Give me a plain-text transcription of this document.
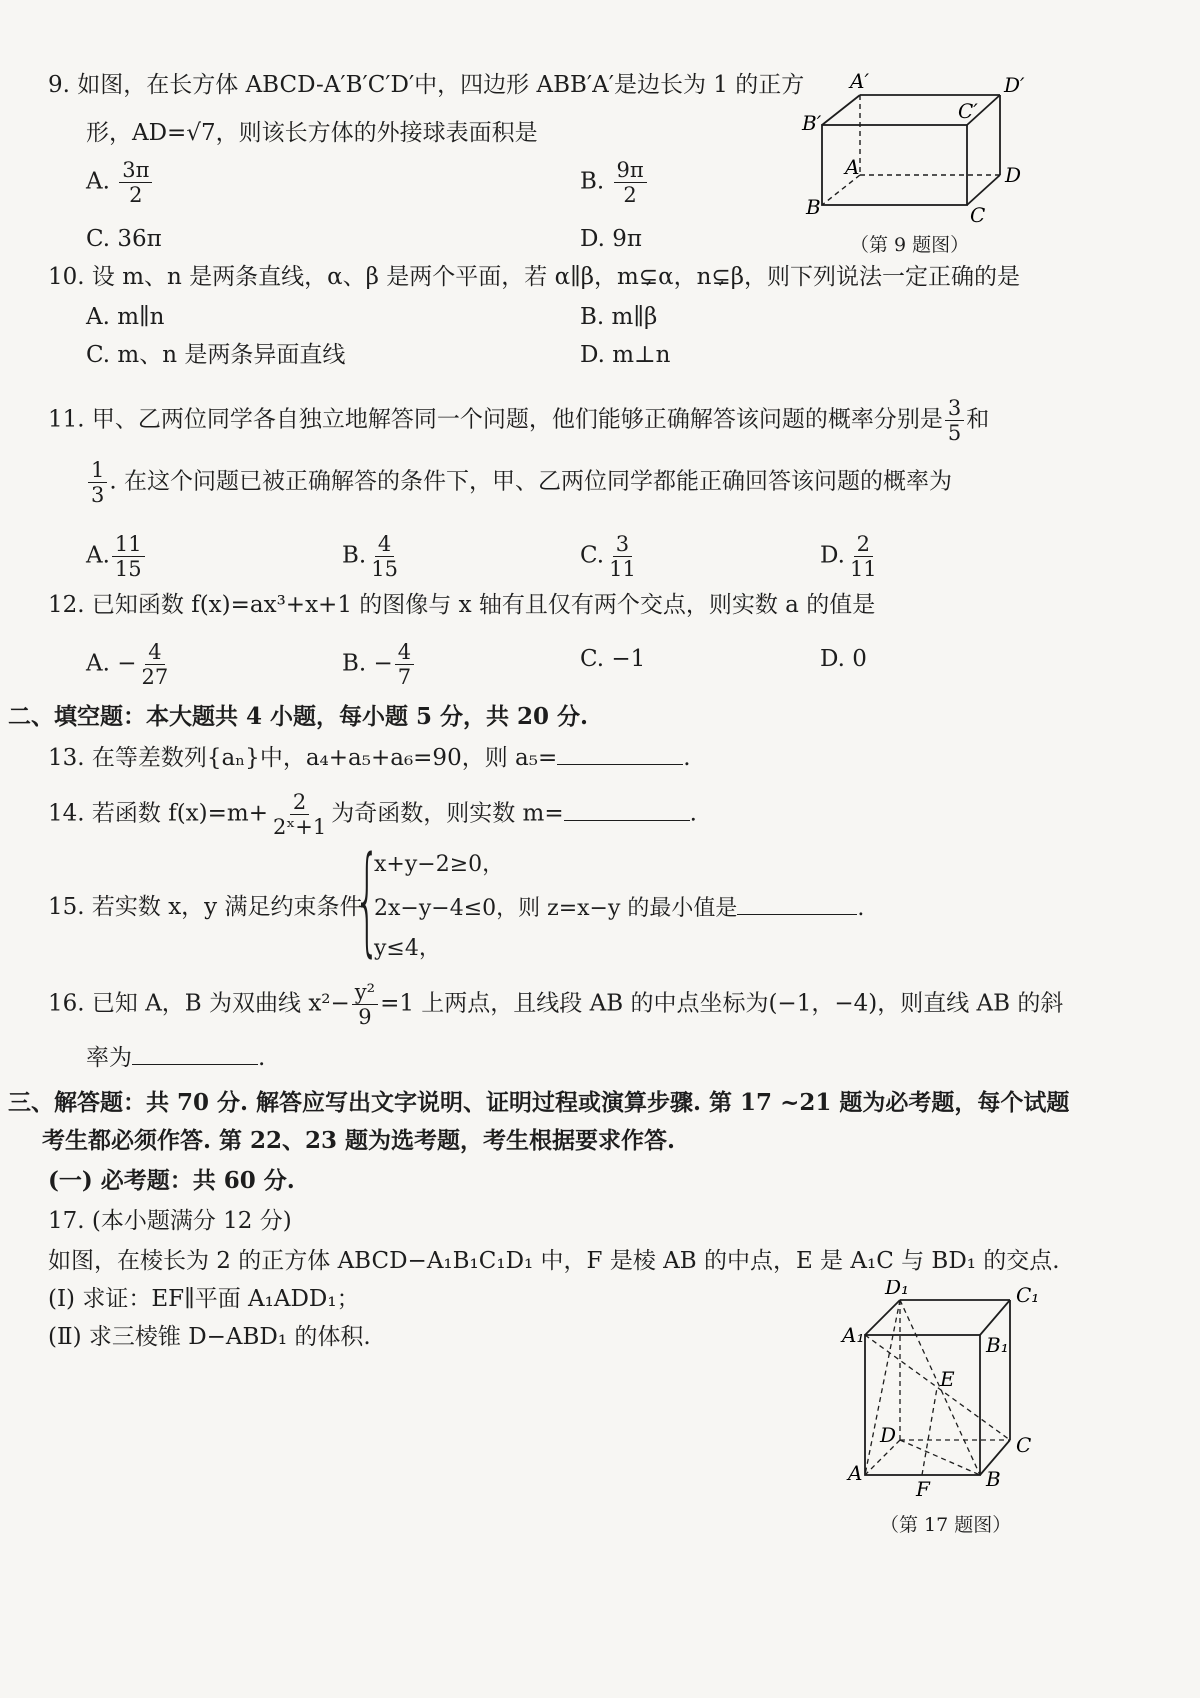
9. 如图，在长方体 ABCD-A′B′C′D′中，四边形 ABB′A′是边长为 1 的正方
形，AD=√7，则该长方体的外接球表面积是
A. $\frac{3\pi}{2}$	B. $\frac{9\pi}{2}$
C. 36π	D. 9π
A′	D′
B′	C′
A	D
B	C
（第 9 题图）
10. 设 m、n 是两条直线，α、β 是两个平面，若 α∥β，m⊊α，n⊊β，则下列说法一定正确的是
A. m∥n	B. m∥β
C. m、n 是两条异面直线	D. m⊥n
11. 甲、乙两位同学各自独立地解答同一个问题，他们能够正确解答该问题的概率分别是 $\frac{3}{5}$ 和
$\frac{1}{3}$ . 在这个问题已被正确解答的条件下，甲、乙两位同学都能正确回答该问题的概率为
A. $\frac{11}{15}$	B. $\frac{4}{15}$	C. $\frac{3}{11}$	D. $\frac{2}{11}$
12. 已知函数 f(x)=ax³+x+1 的图像与 x 轴有且仅有两个交点，则实数 a 的值是
A. − $\frac{4}{27}$	B. − $\frac{4}{7}$	C. −1	D. 0
二、填空题：本大题共 4 小题，每小题 5 分，共 20 分.
13. 在等差数列{aₙ}中，a₄+a₅+a₆=90，则 a₅=	.
14. 若函数 $f(x)=m+ \frac{2}{\text{2ˣ+1}}$ 为奇函数，则实数 m=	.
15. 若实数 x，y 满足约束条件
{
x+y−2≥0，
2x−y−4≤0，则 z=x−y 的最小值是	.
y≤4，
16. 已知 A，B 为双曲线 $x^2- \frac{\text{y²}}{9} =1$ 上两点，且线段 AB 的中点坐标为(−1，−4)，则直线 AB 的斜
率为	.
三、解答题：共 70 分. 解答应写出文字说明、证明过程或演算步骤. 第 17 ~21 题为必考题，每个试题
考生都必须作答. 第 22、23 题为选考题，考生根据要求作答.
(一) 必考题：共 60 分.
17. (本小题满分 12 分)
如图，在棱长为 2 的正方体 ABCD−A₁B₁C₁D₁ 中，F 是棱 AB 的中点，E 是 A₁C 与 BD₁ 的交点.
(Ⅰ) 求证：EF∥平面 A₁ADD₁；
(Ⅱ) 求三棱锥 D−ABD₁ 的体积.
D₁	C₁
A₁	B₁
E
D	C
A	B
F
（第 17 题图）
